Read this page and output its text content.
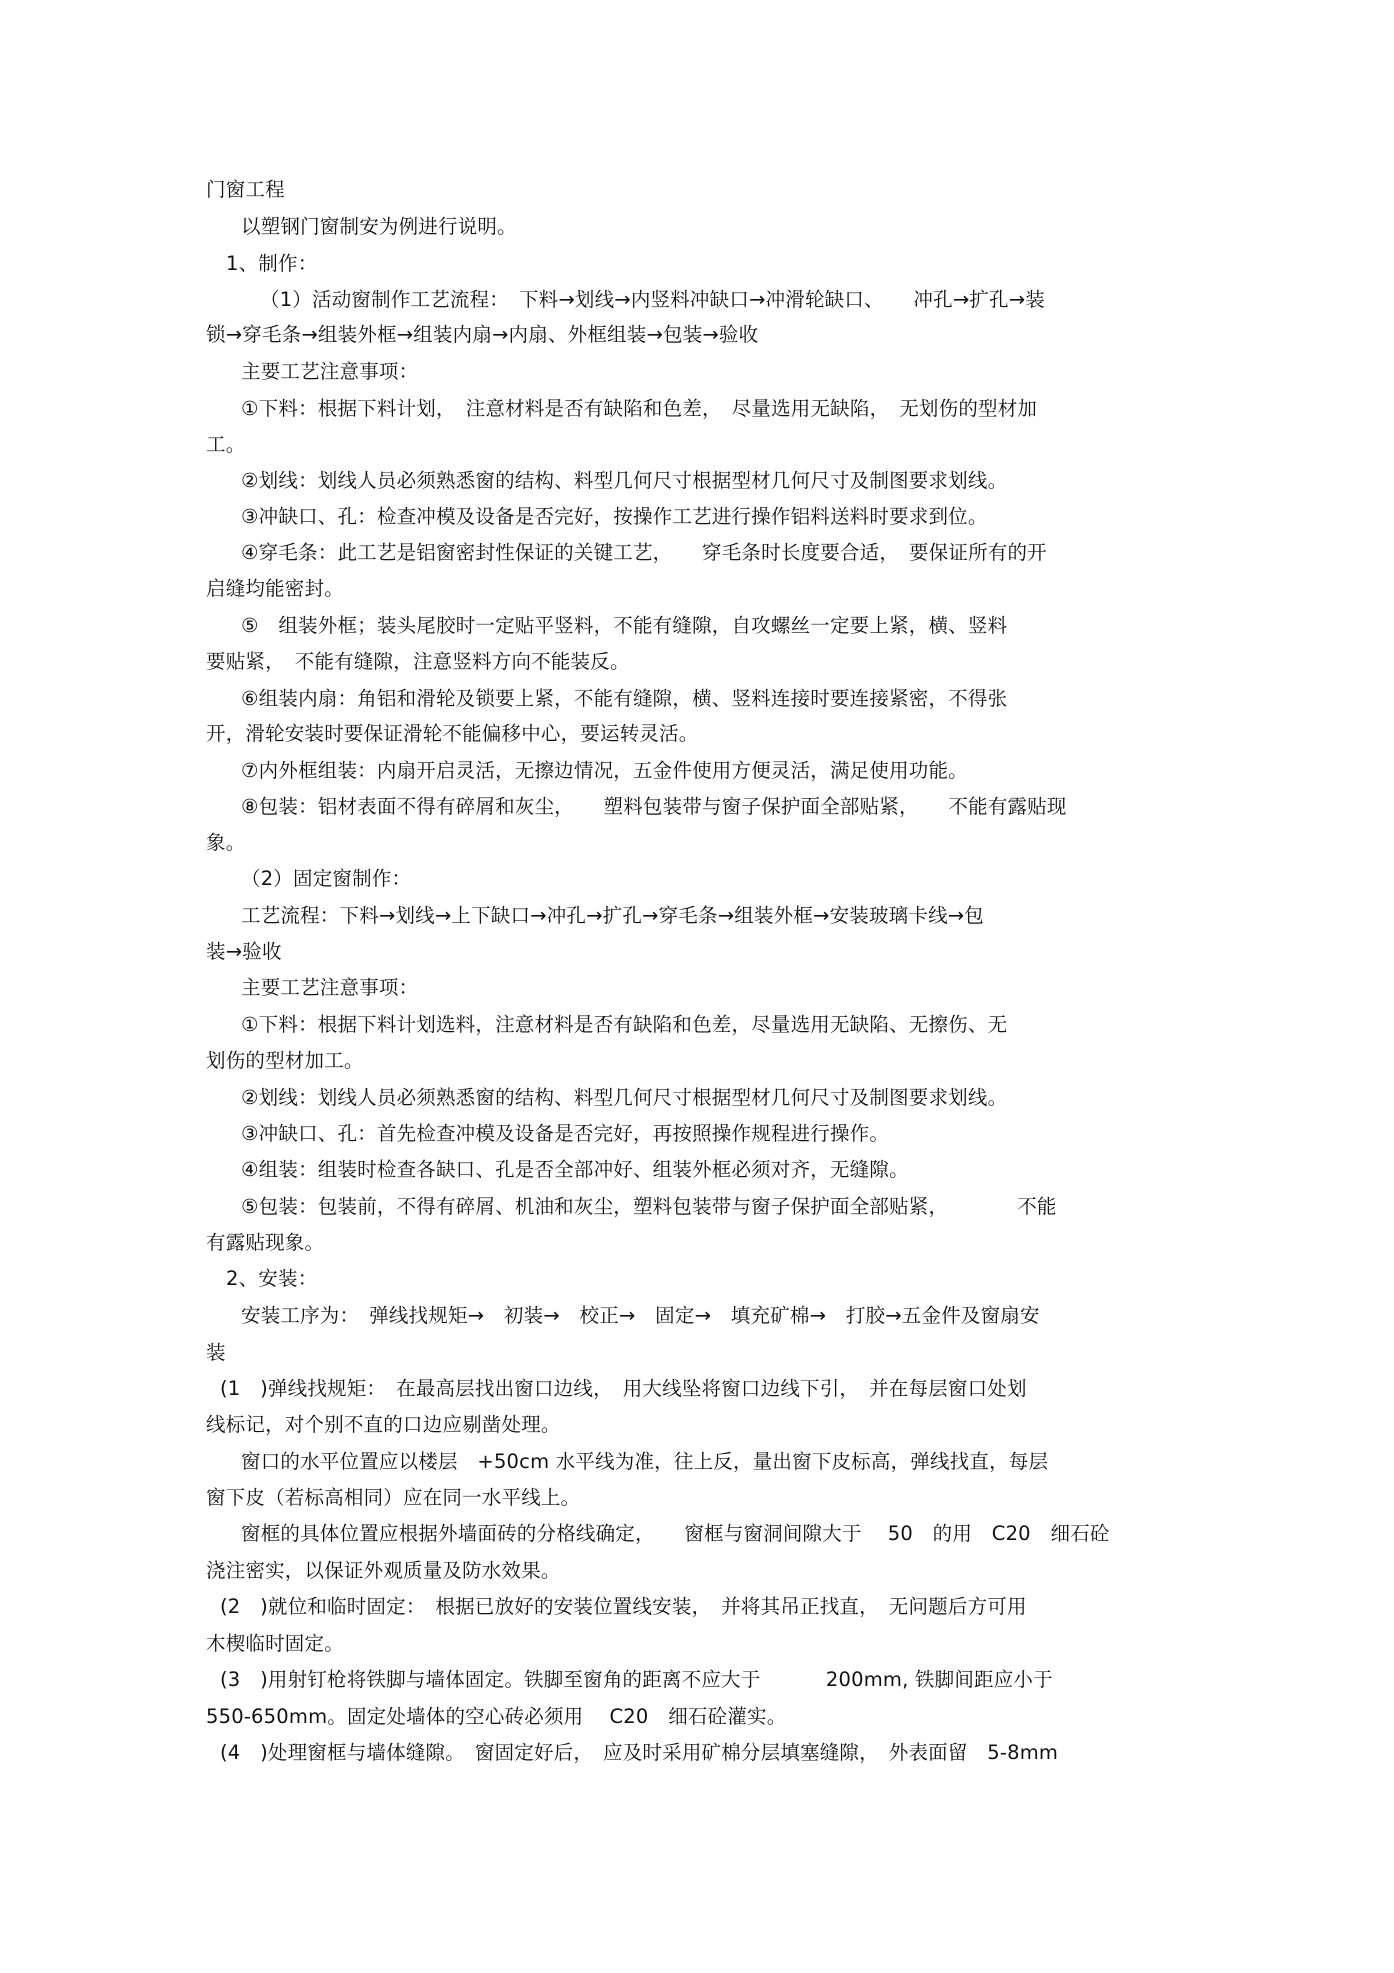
门窗工程
以塑钢门窗制安为例进行说明。
1、制作：
（1）活动窗制作工艺流程：　下料→划线→内竖料冲缺口→冲滑轮缺口、　　冲孔→扩孔→装
锁→穿毛条→组装外框→组装内扇→内扇、外框组装→包装→验收
主要工艺注意事项：
①下料：根据下料计划，　注意材料是否有缺陷和色差，　尽量选用无缺陷，　无划伤的型材加
工。
②划线：划线人员必须熟悉窗的结构、料型几何尺寸根据型材几何尺寸及制图要求划线。
③冲缺口、孔：检查冲模及设备是否完好，按操作工艺进行操作铝料送料时要求到位。
④穿毛条：此工艺是铝窗密封性保证的关键工艺，　　穿毛条时长度要合适，　要保证所有的开
启缝均能密封。
⑤　组装外框；装头尾胶时一定贴平竖料，不能有缝隙，自攻螺丝一定要上紧，横、竖料
要贴紧，　不能有缝隙，注意竖料方向不能装反。
⑥组装内扇：角铝和滑轮及锁要上紧，不能有缝隙，横、竖料连接时要连接紧密，不得张
开，滑轮安装时要保证滑轮不能偏移中心，要运转灵活。
⑦内外框组装：内扇开启灵活，无擦边情况，五金件使用方便灵活，满足使用功能。
⑧包装：铝材表面不得有碎屑和灰尘，　　塑料包装带与窗子保护面全部贴紧，　　不能有露贴现
象。
（2）固定窗制作：
工艺流程：下料→划线→上下缺口→冲孔→扩孔→穿毛条→组装外框→安装玻璃卡线→包
装→验收
主要工艺注意事项：
①下料：根据下料计划选料，注意材料是否有缺陷和色差，尽量选用无缺陷、无擦伤、无
划伤的型材加工。
②划线：划线人员必须熟悉窗的结构、料型几何尺寸根据型材几何尺寸及制图要求划线。
③冲缺口、孔：首先检查冲模及设备是否完好，再按照操作规程进行操作。
④组装：组装时检查各缺口、孔是否全部冲好、组装外框必须对齐，无缝隙。
⑤包装：包装前，不得有碎屑、机油和灰尘，塑料包装带与窗子保护面全部贴紧，　　　　不能
有露贴现象。
2、安装：
安装工序为：　弹线找规矩→　初装→　校正→　固定→　填充矿棉→　打胶→五金件及窗扇安
装
(1　)弹线找规矩：　在最高层找出窗口边线，　用大线坠将窗口边线下引，　并在每层窗口处划
线标记，对个别不直的口边应剔凿处理。
窗口的水平位置应以楼层　+50cm 水平线为准，往上反，量出窗下皮标高，弹线找直，每层
窗下皮（若标高相同）应在同一水平线上。
窗框的具体位置应根据外墙面砖的分格线确定，　　窗框与窗洞间隙大于　 50　的用　C20　细石砼
浇注密实，以保证外观质量及防水效果。
(2　)就位和临时固定：　根据已放好的安装位置线安装，　并将其吊正找直，　无问题后方可用
木楔临时固定。
(3　)用射钉枪将铁脚与墙体固定。铁脚至窗角的距离不应大于　　　 200mm, 铁脚间距应小于
550-650mm。固定处墙体的空心砖必须用　 C20　细石砼灌实。
(4　)处理窗框与墙体缝隙。　窗固定好后，　应及时采用矿棉分层填塞缝隙，　外表面留　5-8mm
